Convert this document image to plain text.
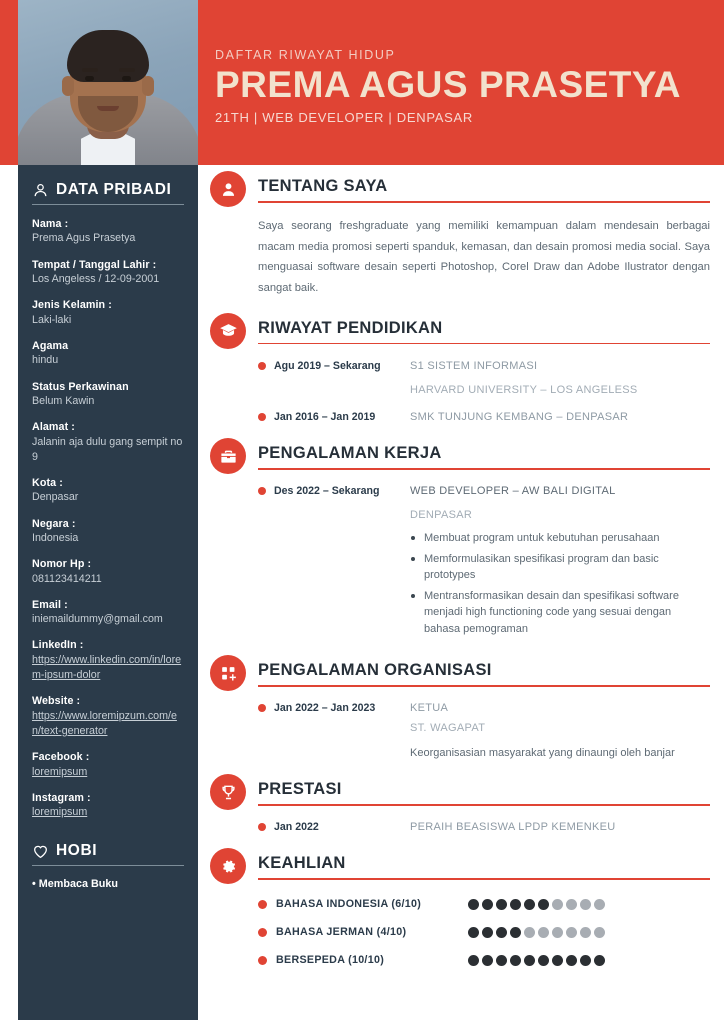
DAFTAR RIWAYAT HIDUP
PREMA AGUS PRASETYA
21TH | WEB DEVELOPER | DENPASAR
DATA PRIBADI
Nama :
Prema Agus Prasetya
Tempat / Tanggal Lahir :
Los Angeless / 12-09-2001
Jenis Kelamin :
Laki-laki
Agama
hindu
Status Perkawinan
Belum Kawin
Alamat :
Jalanin aja dulu gang sempit no 9
Kota :
Denpasar
Negara :
Indonesia
Nomor Hp :
081123414211
Email :
iniemaildummy@gmail.com
LinkedIn :
https://www.linkedin.com/in/lorem-ipsum-dolor
Website :
https://www.loremipzum.com/en/text-generator
Facebook :
loremipsum
Instagram :
loremipsum
HOBI
• Membaca Buku
TENTANG SAYA
Saya seorang freshgraduate yang memiliki kemampuan dalam mendesain berbagai macam media promosi seperti spanduk, kemasan, dan desain promosi media social. Saya menguasai software desain seperti Photoshop, Corel Draw dan Adobe Ilustrator dengan sangat baik.
RIWAYAT PENDIDIKAN
Agu 2019 – Sekarang	S1 SISTEM INFORMASI
HARVARD UNIVERSITY – LOS ANGELESS
Jan 2016 – Jan 2019	SMK TUNJUNG KEMBANG – DENPASAR
PENGALAMAN KERJA
Des 2022 – Sekarang	WEB DEVELOPER – AW BALI DIGITAL
DENPASAR
Membuat program untuk kebutuhan perusahaan
Memformulasikan spesifikasi program dan basic prototypes
Mentransformasikan desain dan spesifikasi software menjadi high functioning code yang sesuai dengan bahasa pemograman
PENGALAMAN ORGANISASI
Jan 2022 – Jan 2023	KETUA
ST. WAGAPAT
Keorganisasian masyarakat yang dinaungi oleh banjar
PRESTASI
Jan 2022	PERAIH BEASISWA LPDP KEMENKEU
KEAHLIAN
BAHASA INDONESIA (6/10)
BAHASA JERMAN (4/10)
BERSEPEDA (10/10)
